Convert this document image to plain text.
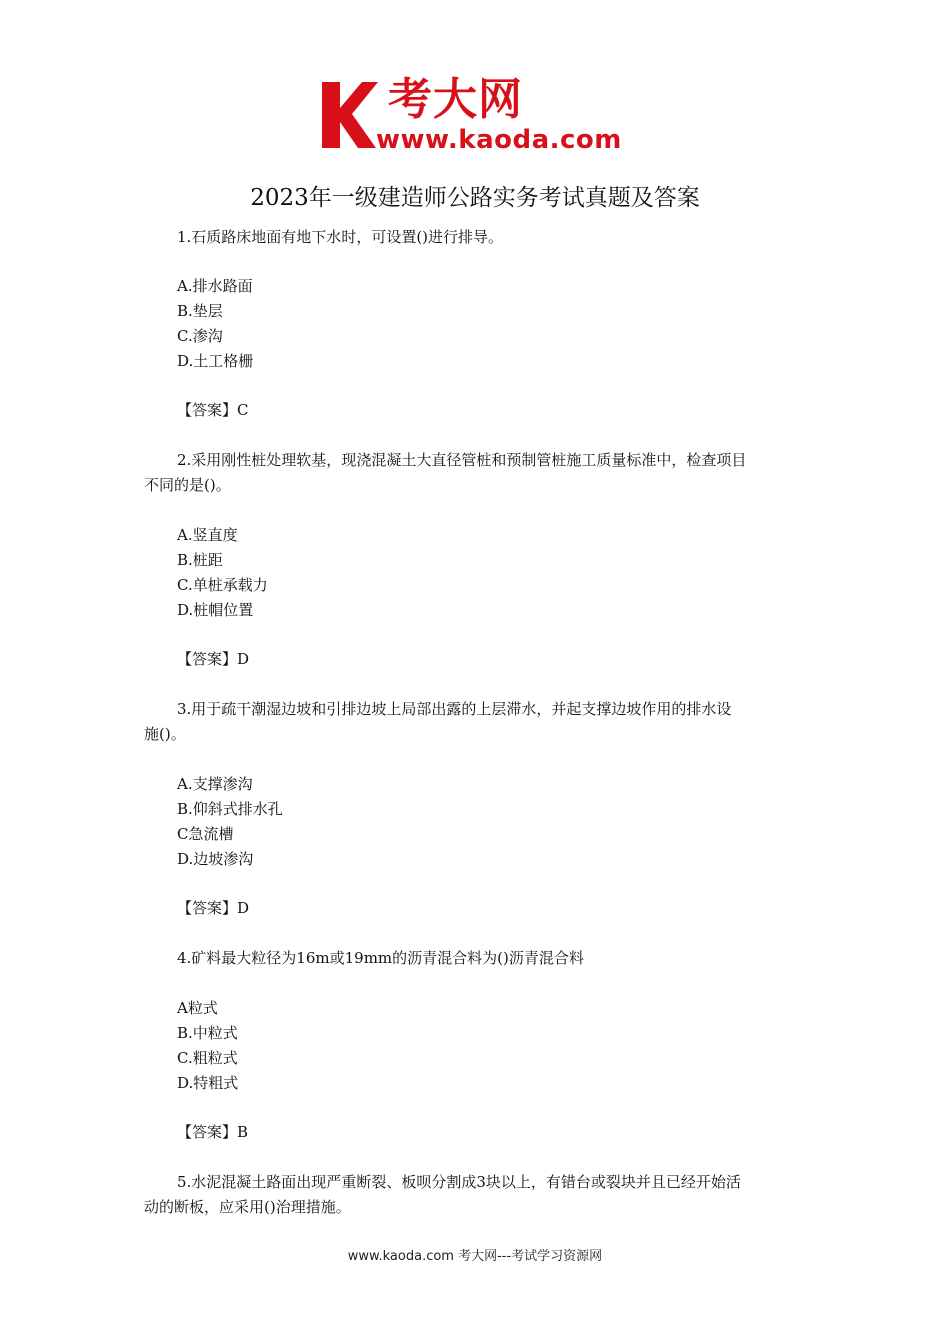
考大网
www.kaoda.com
2023年一级建造师公路实务考试真题及答案
1.石质路床地面有地下水时，可设置()进行排导。
A.排水路面
B.垫层
C.渗沟
D.土工格栅
【答案】C
2.采用刚性桩处理软基，现浇混凝土大直径管桩和预制管桩施工质量标准中，检查项目
不同的是()。
A.竖直度
B.桩距
C.单桩承载力
D.桩帽位置
【答案】D
3.用于疏干潮湿边坡和引排边坡上局部出露的上层滞水，并起支撑边坡作用的排水设
施()。
A.支撑渗沟
B.仰斜式排水孔
C急流槽
D.边坡渗沟
【答案】D
4.矿料最大粒径为16m或19mm的沥青混合料为()沥青混合料
A粒式
B.中粒式
C.粗粒式
D.特粗式
【答案】B
5.水泥混凝土路面出现严重断裂、板呗分割成3块以上，有错台或裂块并且已经开始活
动的断板，应采用()治理措施。
www.kaoda.com 考大网---考试学习资源网
